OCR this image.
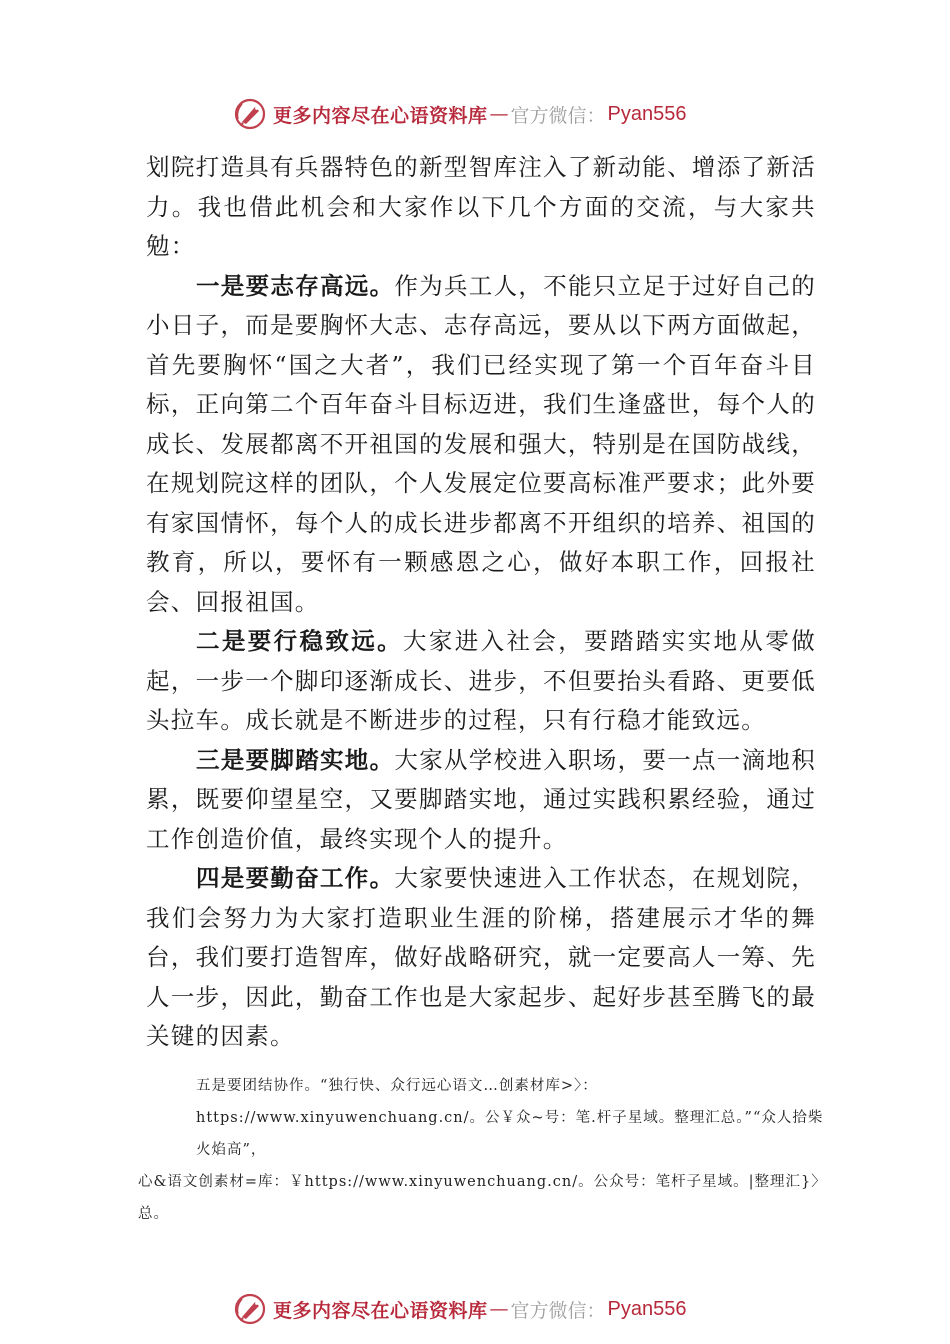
更多内容尽在心语资料库 — 官方微信： Pyan556

划院打造具有兵器特色的新型智库注入了新动能、增添了新活力。我也借此机会和大家作以下几个方面的交流，与大家共勉：

一是要志存高远。作为兵工人，不能只立足于过好自己的小日子，而是要胸怀大志、志存高远，要从以下两方面做起，首先要胸怀“国之大者”，我们已经实现了第一个百年奋斗目标，正向第二个百年奋斗目标迈进，我们生逢盛世，每个人的成长、发展都离不开祖国的发展和强大，特别是在国防战线，在规划院这样的团队，个人发展定位要高标准严要求；此外要有家国情怀，每个人的成长进步都离不开组织的培养、祖国的教育，所以，要怀有一颗感恩之心，做好本职工作，回报社会、回报祖国。

二是要行稳致远。大家进入社会，要踏踏实实地从零做起，一步一个脚印逐渐成长、进步，不但要抬头看路、更要低头拉车。成长就是不断进步的过程，只有行稳才能致远。

三是要脚踏实地。大家从学校进入职场，要一点一滴地积累，既要仰望星空，又要脚踏实地，通过实践积累经验，通过工作创造价值，最终实现个人的提升。

四是要勤奋工作。大家要快速进入工作状态，在规划院，我们会努力为大家打造职业生涯的阶梯，搭建展示才华的舞台，我们要打造智库，做好战略研究，就一定要高人一筹、先人一步，因此，勤奋工作也是大家起步、起好步甚至腾飞的最关键的因素。

五是要团结协作。“独行快、众行远心语文…创素材库>〉：https://www.xinyuwenchuang.cn/。公￥众~号：笔.杆子星域。整理汇总。”“众人拾柴火焰高”，
心&语文创素材=库：￥https://www.xinyuwenchuang.cn/。公众号：笔杆子星域。|整理汇}〉总。
更多内容尽在心语资料库 — 官方微信： Pyan556
